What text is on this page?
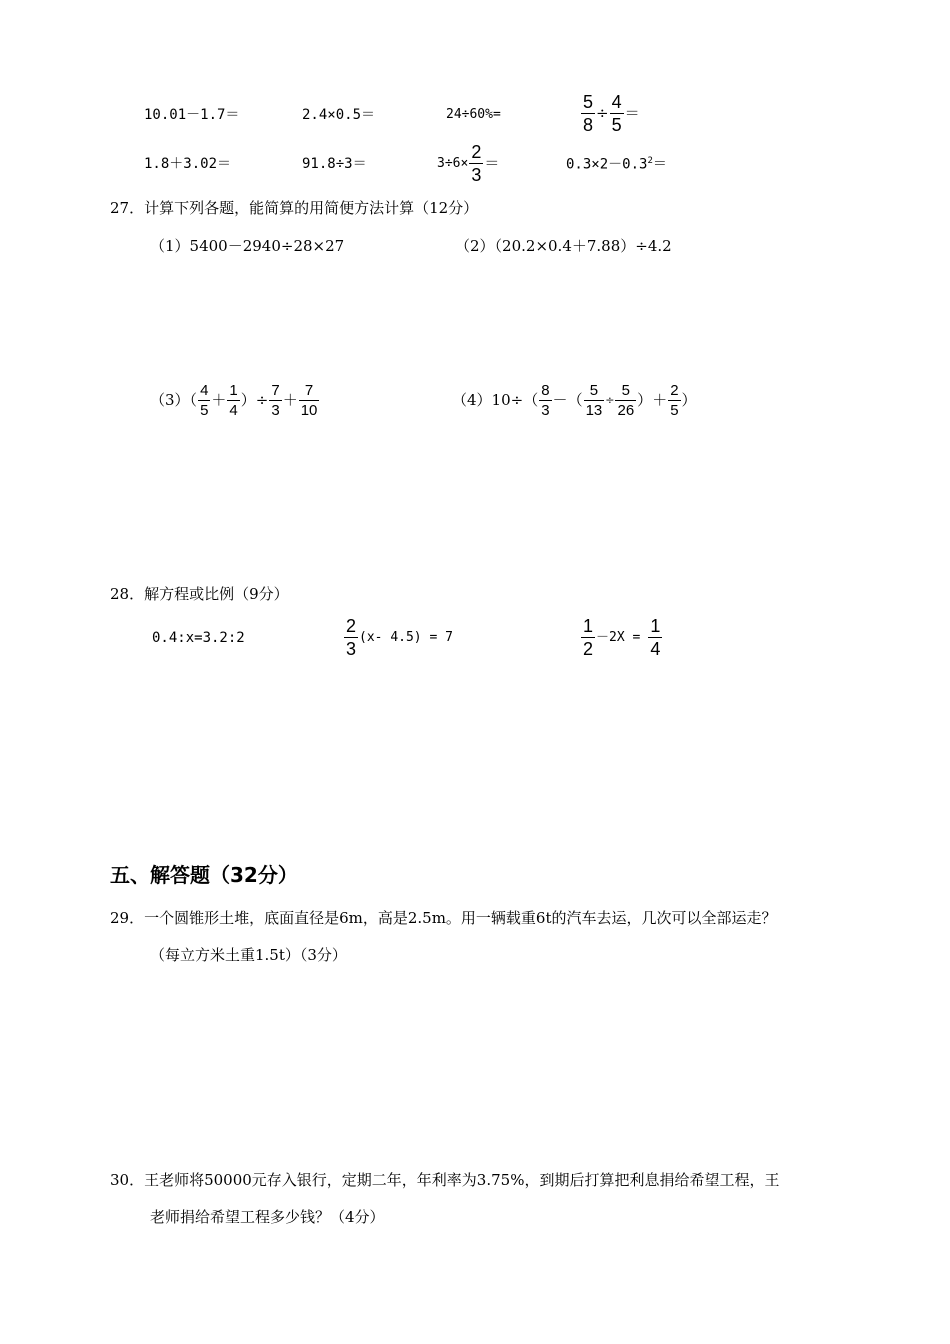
10.01－1.7＝	2.4×0.5＝	24÷60%=	$\frac{5}{8} \div \frac{4}{5}$ ＝
1.8＋3.02＝	91.8÷3＝	$3\div 6\times \frac{2}{3}$ ＝	$0.3\times 2-0.3^2=$
27．计算下列各题，能简算的用简便方法计算（12分）
（1）5400－2940÷28×27	（2）（20.2×0.4＋7.88）÷4.2
$(3)( \frac{4}{5} + \frac{1}{4}$ ）÷ $\frac{7}{3} + \frac{7}{10}$	$(4)10\div( \frac{8}{3}$ －（ $\frac{5}{13} \div \frac{5}{26}$ ）＋ $\frac{2}{5}$ ）
28．解方程或比例（9分）
0.4:x=3.2:2	$\frac{2}{3} (x-$ 4.5) = 7	$\frac{1}{2} -2X = \frac{1}{4}$
五、解答题（32分）
29．一个圆锥形土堆，底面直径是6m，高是2.5m。用一辆载重6t的汽车去运，几次可以全部运走？
（每立方米土重1.5t）（3分）
30．王老师将50000元存入银行，定期二年，年利率为3.75%，到期后打算把利息捐给希望工程，王
老师捐给希望工程多少钱？（4分）
